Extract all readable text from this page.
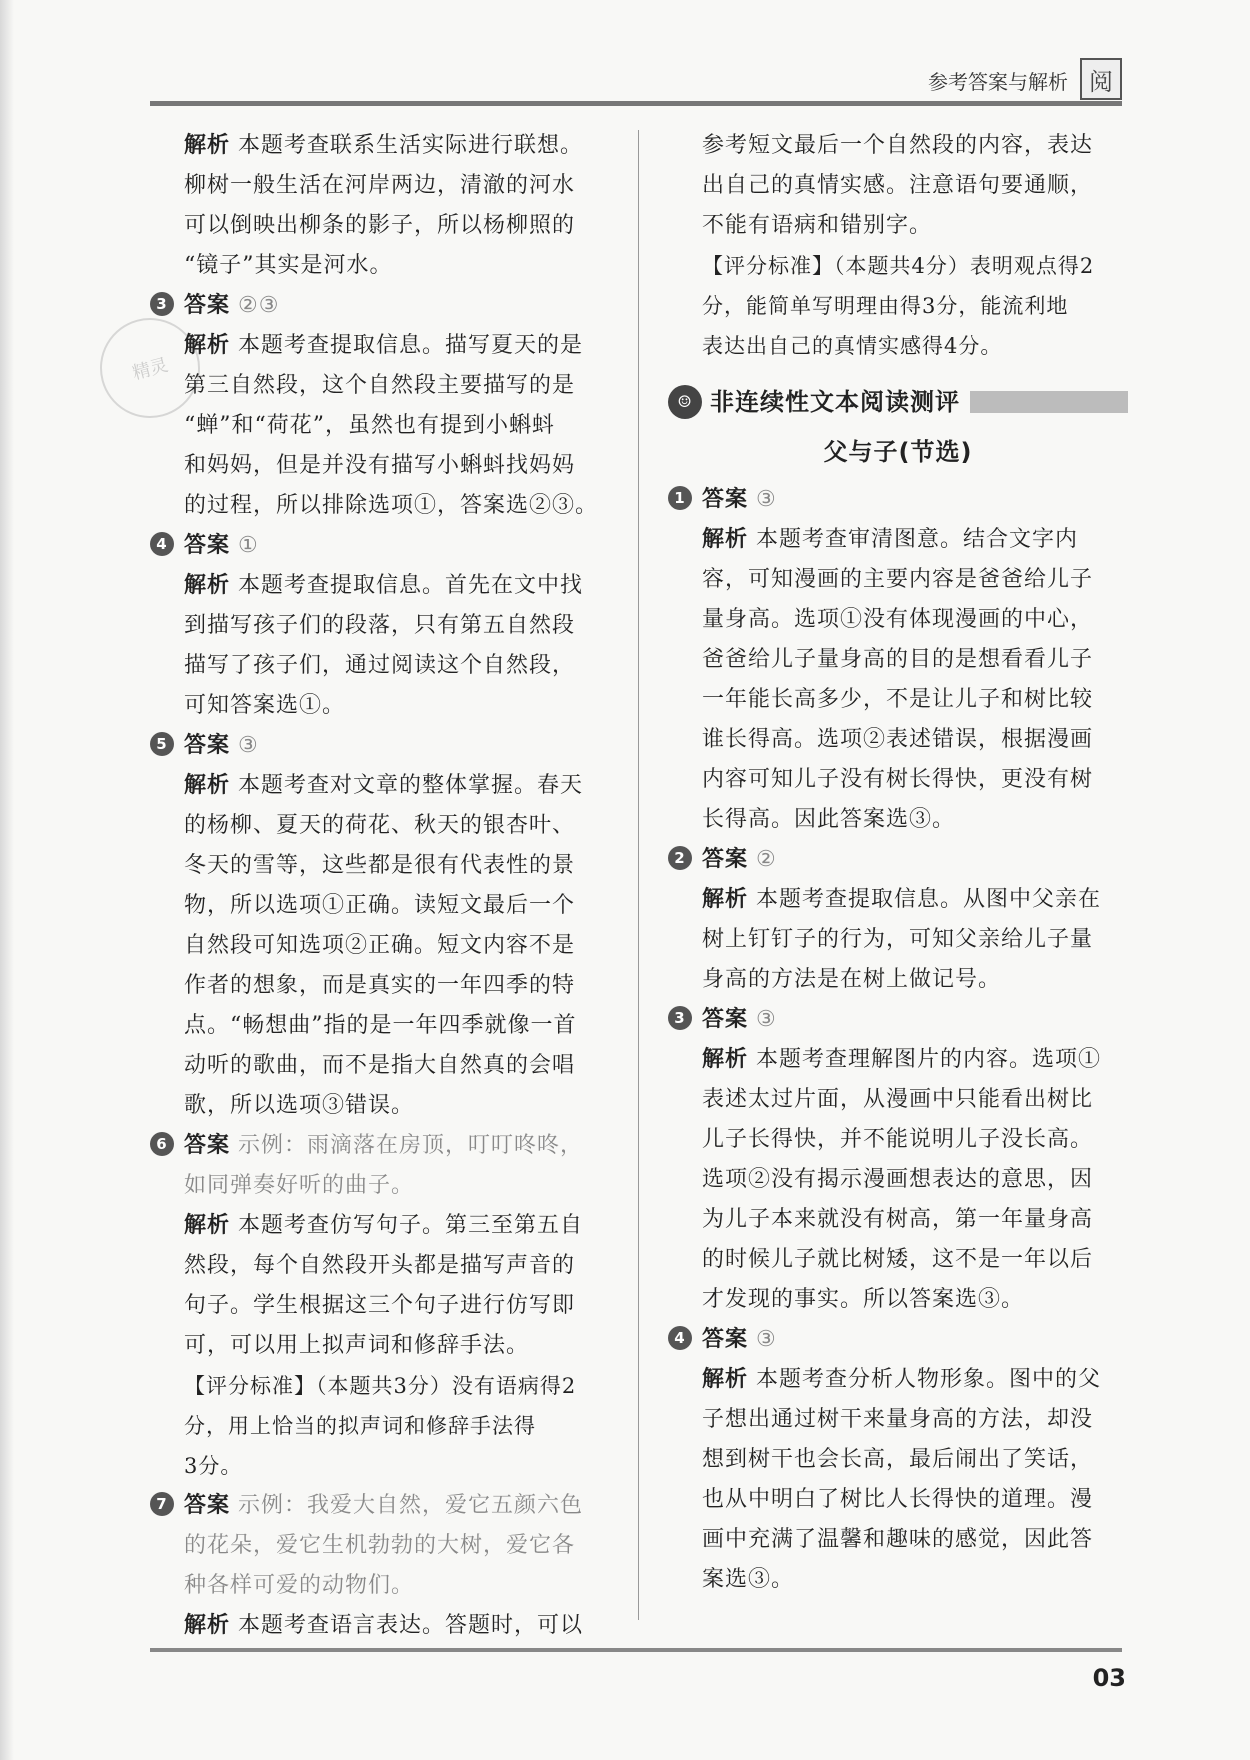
参考答案与解析 阅
精灵
解析 本题考查联系生活实际进行联想。
柳树一般生活在河岸两边，清澈的河水
可以倒映出柳条的影子，所以杨柳照的
“镜子”其实是河水。
3 答案 ②③
解析 本题考查提取信息。描写夏天的是
第三自然段，这个自然段主要描写的是
“蝉”和“荷花”，虽然也有提到小蝌蚪
和妈妈，但是并没有描写小蝌蚪找妈妈
的过程，所以排除选项①，答案选②③。
4 答案 ①
解析 本题考查提取信息。首先在文中找
到描写孩子们的段落，只有第五自然段
描写了孩子们，通过阅读这个自然段，
可知答案选①。
5 答案 ③
解析 本题考查对文章的整体掌握。春天
的杨柳、夏天的荷花、秋天的银杏叶、
冬天的雪等，这些都是很有代表性的景
物，所以选项①正确。读短文最后一个
自然段可知选项②正确。短文内容不是
作者的想象，而是真实的一年四季的特
点。“畅想曲”指的是一年四季就像一首
动听的歌曲，而不是指大自然真的会唱
歌，所以选项③错误。
6 答案 示例：雨滴落在房顶，叮叮咚咚，
如同弹奏好听的曲子。
解析 本题考查仿写句子。第三至第五自
然段，每个自然段开头都是描写声音的
句子。学生根据这三个句子进行仿写即
可，可以用上拟声词和修辞手法。
【评分标准】（本题共3分）没有语病得2
分，用上恰当的拟声词和修辞手法得
3分。
7 答案 示例：我爱大自然，爱它五颜六色
的花朵，爱它生机勃勃的大树，爱它各
种各样可爱的动物们。
解析 本题考查语言表达。答题时，可以
参考短文最后一个自然段的内容，表达
出自己的真情实感。注意语句要通顺，
不能有语病和错别字。
【评分标准】（本题共4分）表明观点得2
分，能简单写明理由得3分，能流利地
表达出自己的真情实感得4分。
☺ 非连续性文本阅读测评
父与子(节选)
1 答案 ③
解析 本题考查审清图意。结合文字内
容，可知漫画的主要内容是爸爸给儿子
量身高。选项①没有体现漫画的中心，
爸爸给儿子量身高的目的是想看看儿子
一年能长高多少，不是让儿子和树比较
谁长得高。选项②表述错误，根据漫画
内容可知儿子没有树长得快，更没有树
长得高。因此答案选③。
2 答案 ②
解析 本题考查提取信息。从图中父亲在
树上钉钉子的行为，可知父亲给儿子量
身高的方法是在树上做记号。
3 答案 ③
解析 本题考查理解图片的内容。选项①
表述太过片面，从漫画中只能看出树比
儿子长得快，并不能说明儿子没长高。
选项②没有揭示漫画想表达的意思，因
为儿子本来就没有树高，第一年量身高
的时候儿子就比树矮，这不是一年以后
才发现的事实。所以答案选③。
4 答案 ③
解析 本题考查分析人物形象。图中的父
子想出通过树干来量身高的方法，却没
想到树干也会长高，最后闹出了笑话，
也从中明白了树比人长得快的道理。漫
画中充满了温馨和趣味的感觉，因此答
案选③。
03
